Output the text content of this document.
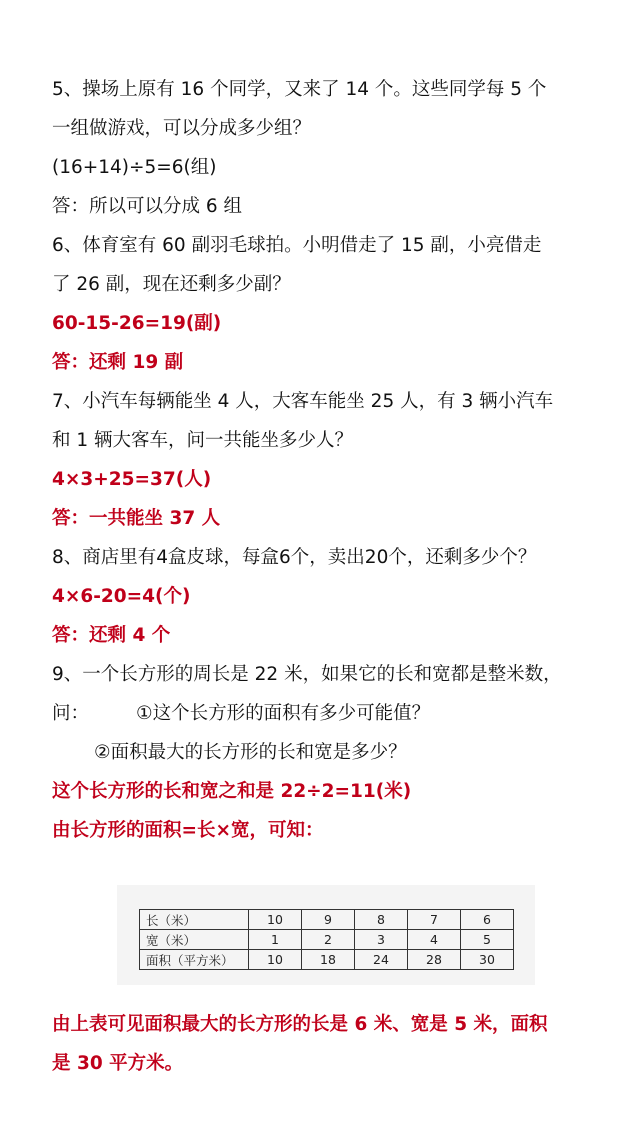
5、操场上原有 16 个同学，又来了 14 个。这些同学每 5 个

一组做游戏，可以分成多少组？

(16+14)÷5=6(组)

答：所以可以分成 6 组

6、体育室有 60 副羽毛球拍。小明借走了 15 副，小亮借走

了 26 副，现在还剩多少副？

60-15-26=19(副)

答：还剩 19 副

7、小汽车每辆能坐 4 人，大客车能坐 25 人，有 3 辆小汽车

和 1 辆大客车，问一共能坐多少人？

4×3+25=37(人)

答：一共能坐 37 人

8、商店里有4盒皮球，每盒6个，卖出20个，还剩多少个？

4×6-20=4(个)

答：还剩 4 个

9、一个长方形的周长是 22 米，如果它的长和宽都是整米数，

问：        ①这个长方形的面积有多少可能值？

②面积最大的长方形的长和宽是多少？

这个长方形的长和宽之和是 22÷2=11(米)

由长方形的面积=长×宽，可知：

长（米）	10	9	8	7	6
宽（米）	1	2	3	4	5
面积（平方米）	10	18	24	28	30

由上表可见面积最大的长方形的长是 6 米、宽是 5 米，面积

是 30 平方米。
